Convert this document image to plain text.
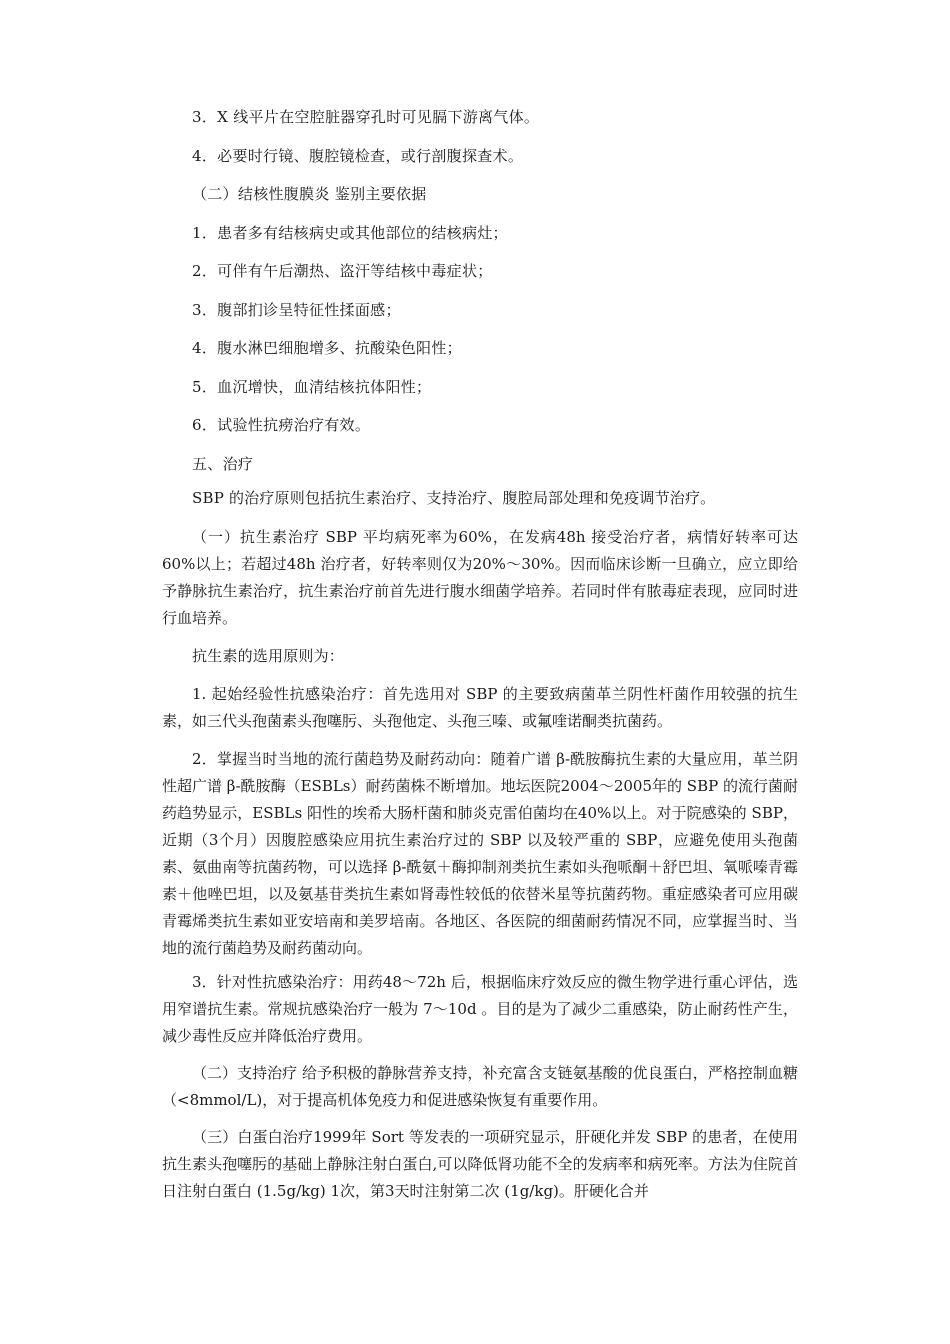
3．X 线平片在空腔脏器穿孔时可见膈下游离气体。
4．必要时行镜、腹腔镜检查，或行剖腹探查术。
（二）结核性腹膜炎 鉴别主要依据
1．患者多有结核病史或其他部位的结核病灶；
2．可伴有午后潮热、盗汗等结核中毒症状；
3．腹部扪诊呈特征性揉面感；
4．腹水淋巴细胞增多、抗酸染色阳性；
5．血沉增快，血清结核抗体阳性；
6．试验性抗痨治疗有效。
五、治疗
SBP 的治疗原则包括抗生素治疗、支持治疗、腹腔局部处理和免疫调节治疗。
（一）抗生素治疗 SBP 平均病死率为60%，在发病48h 接受治疗者，病情好转率可达60%以上；若超过48h 治疗者，好转率则仅为20%～30%。因而临床诊断一旦确立，应立即给予静脉抗生素治疗，抗生素治疗前首先进行腹水细菌学培养。若同时伴有脓毒症表现，应同时进行血培养。
抗生素的选用原则为：
1. 起始经验性抗感染治疗：首先选用对 SBP 的主要致病菌革兰阴性杆菌作用较强的抗生素，如三代头孢菌素头孢噻肟、头孢他定、头孢三嗪、或氟喹诺酮类抗菌药。
2．掌握当时当地的流行菌趋势及耐药动向：随着广谱 β-酰胺酶抗生素的大量应用，革兰阴性超广谱 β-酰胺酶（ESBLs）耐药菌株不断增加。地坛医院2004～2005年的 SBP 的流行菌耐药趋势显示，ESBLs 阳性的埃希大肠杆菌和肺炎克雷伯菌均在40%以上。对于院感染的 SBP，近期（3个月）因腹腔感染应用抗生素治疗过的 SBP 以及较严重的 SBP，应避免使用头孢菌素、氨曲南等抗菌药物，可以选择 β-酰氨＋酶抑制剂类抗生素如头孢哌酮＋舒巴坦、氧哌嗪青霉素＋他唑巴坦，以及氨基苷类抗生素如肾毒性较低的依替米星等抗菌药物。重症感染者可应用碳青霉烯类抗生素如亚安培南和美罗培南。各地区、各医院的细菌耐药情况不同，应掌握当时、当地的流行菌趋势及耐药菌动向。
3．针对性抗感染治疗：用药48～72h 后，根据临床疗效反应的微生物学进行重心评估，选用窄谱抗生素。常规抗感染治疗一般为 7～10d 。目的是为了减少二重感染，防止耐药性产生，减少毒性反应并降低治疗费用。
（二）支持治疗 给予积极的静脉营养支持，补充富含支链氨基酸的优良蛋白，严格控制血糖（<8mmol/L)，对于提高机体免疫力和促进感染恢复有重要作用。
（三）白蛋白治疗1999年 Sort 等发表的一项研究显示，肝硬化并发 SBP 的患者，在使用抗生素头孢噻肟的基础上静脉注射白蛋白,可以降低肾功能不全的发病率和病死率。方法为住院首日注射白蛋白 (1.5g/kg) 1次，第3天时注射第二次 (1g/kg)。肝硬化合并
